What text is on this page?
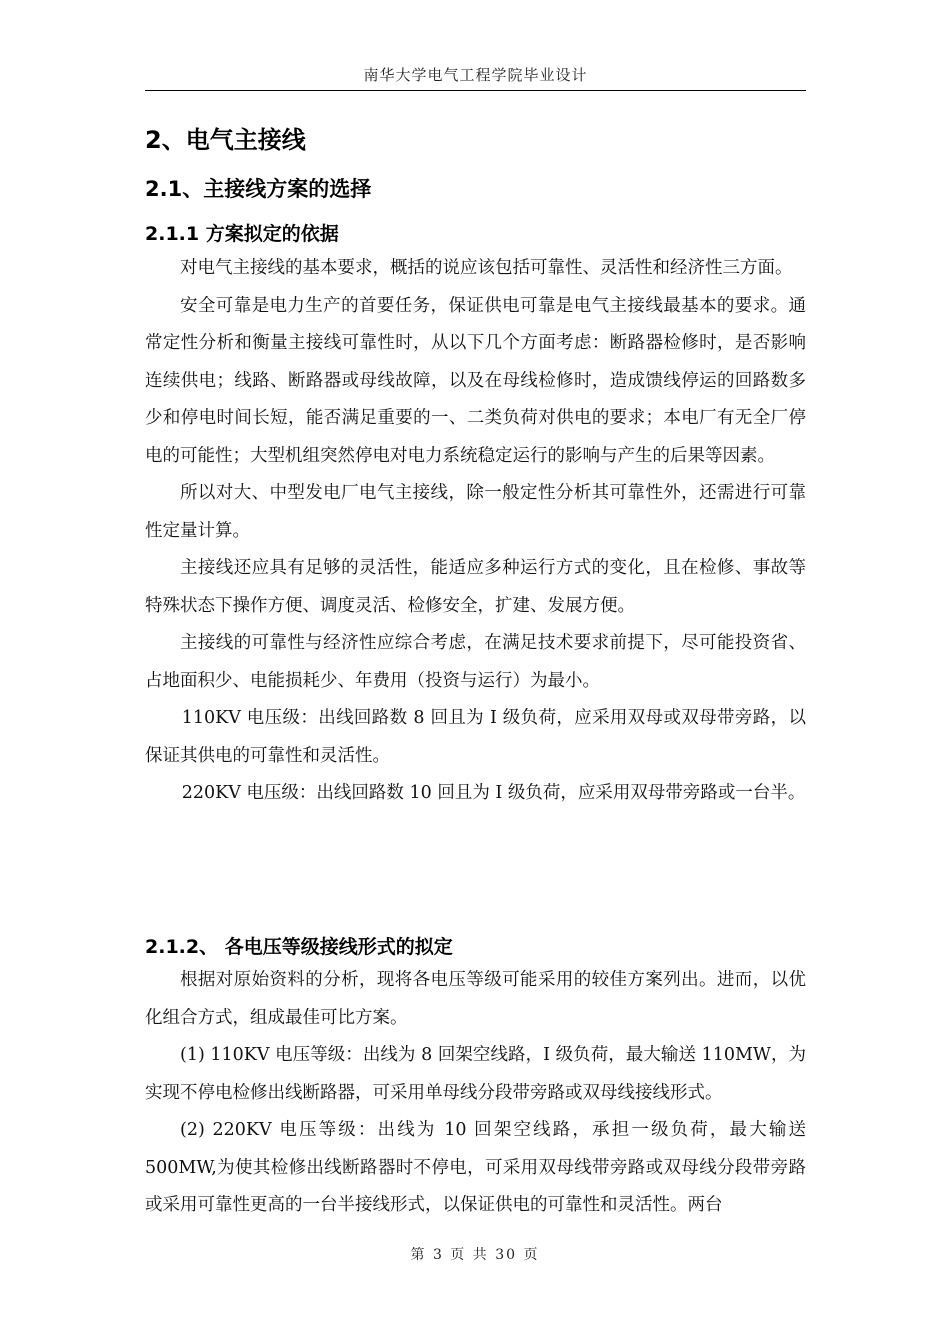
南华大学电气工程学院毕业设计
2、电气主接线
2.1、主接线方案的选择
2.1.1 方案拟定的依据

对电气主接线的基本要求，概括的说应该包括可靠性、灵活性和经济性三方面。

安全可靠是电力生产的首要任务，保证供电可靠是电气主接线最基本的要求。通常定性分析和衡量主接线可靠性时，从以下几个方面考虑：断路器检修时，是否影响连续供电；线路、断路器或母线故障，以及在母线检修时，造成馈线停运的回路数多少和停电时间长短，能否满足重要的一、二类负荷对供电的要求；本电厂有无全厂停电的可能性；大型机组突然停电对电力系统稳定运行的影响与产生的后果等因素。

所以对大、中型发电厂电气主接线，除一般定性分析其可靠性外，还需进行可靠性定量计算。

主接线还应具有足够的灵活性，能适应多种运行方式的变化，且在检修、事故等特殊状态下操作方便、调度灵活、检修安全，扩建、发展方便。

主接线的可靠性与经济性应综合考虑，在满足技术要求前提下，尽可能投资省、占地面积少、电能损耗少、年费用（投资与运行）为最小。

110KV 电压级：出线回路数 8 回且为 I 级负荷，应采用双母或双母带旁路，以保证其供电的可靠性和灵活性。

220KV 电压级：出线回路数 10 回且为 I 级负荷，应采用双母带旁路或一台半。

2.1.2、 各电压等级接线形式的拟定

根据对原始资料的分析，现将各电压等级可能采用的较佳方案列出。进而，以优化组合方式，组成最佳可比方案。

(1) 110KV 电压等级：出线为 8 回架空线路，I 级负荷，最大输送 110MW，为实现不停电检修出线断路器，可采用单母线分段带旁路或双母线接线形式。

(2) 220KV 电压等级：出线为 10 回架空线路，承担一级负荷，最大输送 500MW,为使其检修出线断路器时不停电，可采用双母线带旁路或双母线分段带旁路或采用可靠性更高的一台半接线形式，以保证供电的可靠性和灵活性。两台

第 3 页 共 30 页
